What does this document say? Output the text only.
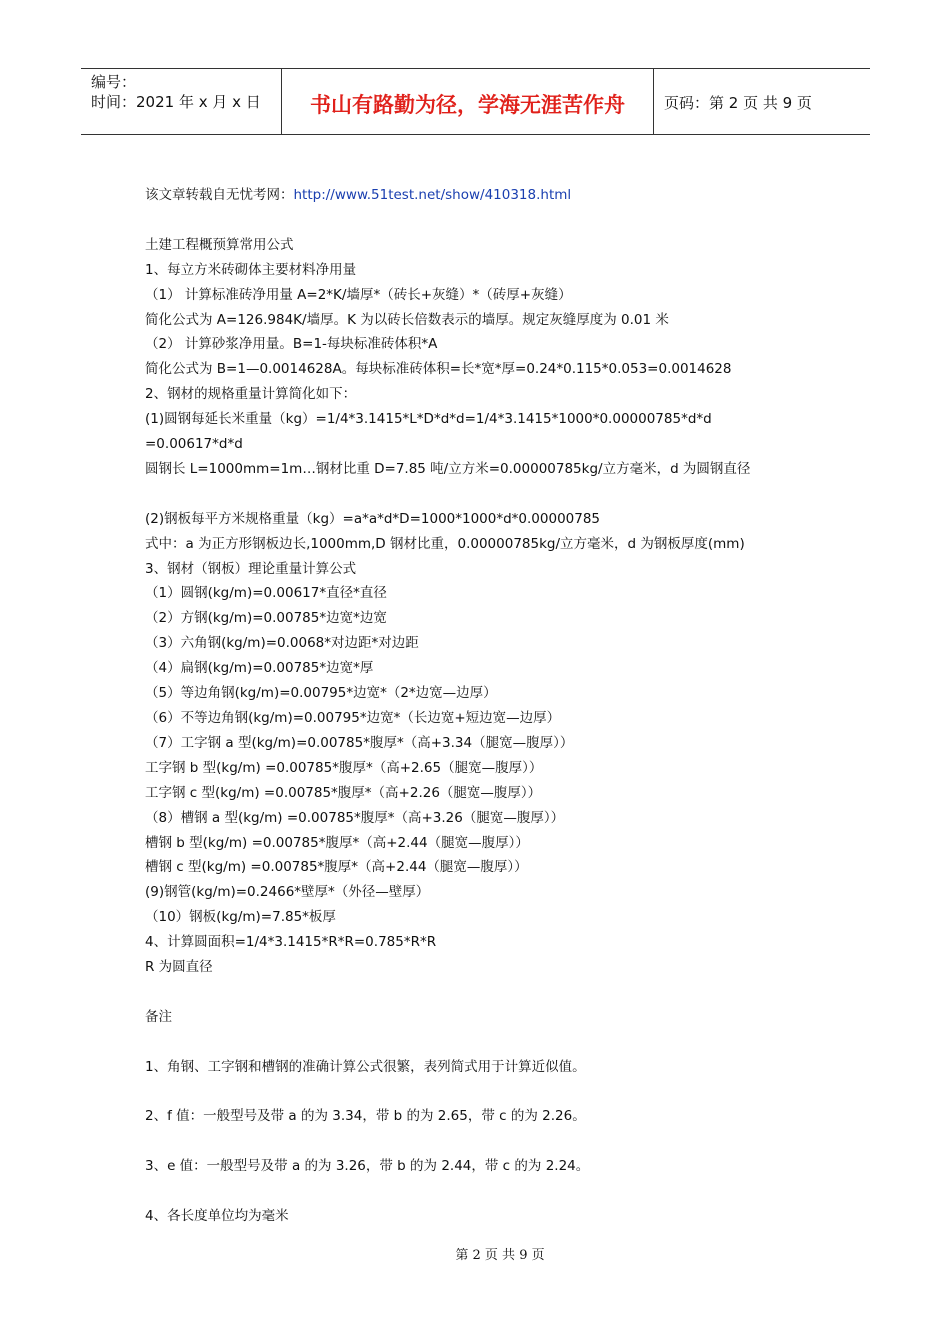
编号：
时间：2021 年 x 月 x 日	书山有路勤为径，学海无涯苦作舟	页码：第 2 页 共 9 页
该文章转载自无忧考网：http://www.51test.net/show/410318.html
土建工程概预算常用公式
1、每立方米砖砌体主要材料净用量
（1） 计算标准砖净用量 A=2*K/墙厚*（砖长+灰缝）*（砖厚+灰缝）
简化公式为 A=126.984K/墙厚。K 为以砖长倍数表示的墙厚。规定灰缝厚度为 0.01 米
（2） 计算砂浆净用量。B=1-每块标准砖体积*A
简化公式为 B=1—0.0014628A。每块标准砖体积=长*宽*厚=0.24*0.115*0.053=0.0014628
2、钢材的规格重量计算简化如下：
(1)圆钢每延长米重量（kg）=1/4*3.1415*L*D*d*d=1/4*3.1415*1000*0.00000785*d*d
=0.00617*d*d
圆钢长 L=1000mm=1m…钢材比重 D=7.85 吨/立方米=0.00000785kg/立方毫米，d 为圆钢直径
(2)钢板每平方米规格重量（kg）=a*a*d*D=1000*1000*d*0.00000785
式中：a 为正方形钢板边长,1000mm,D 钢材比重，0.00000785kg/立方毫米，d 为钢板厚度(mm)
3、钢材（钢板）理论重量计算公式
（1）圆钢(kg/m)=0.00617*直径*直径
（2）方钢(kg/m)=0.00785*边宽*边宽
（3）六角钢(kg/m)=0.0068*对边距*对边距
（4）扁钢(kg/m)=0.00785*边宽*厚
（5）等边角钢(kg/m)=0.00795*边宽*（2*边宽—边厚）
（6）不等边角钢(kg/m)=0.00795*边宽*（长边宽+短边宽—边厚）
（7）工字钢 a 型(kg/m)=0.00785*腹厚*（高+3.34（腿宽—腹厚））
工字钢 b 型(kg/m) =0.00785*腹厚*（高+2.65（腿宽—腹厚））
工字钢 c 型(kg/m) =0.00785*腹厚*（高+2.26（腿宽—腹厚））
（8）槽钢 a 型(kg/m) =0.00785*腹厚*（高+3.26（腿宽—腹厚））
槽钢 b 型(kg/m) =0.00785*腹厚*（高+2.44（腿宽—腹厚））
槽钢 c 型(kg/m) =0.00785*腹厚*（高+2.44（腿宽—腹厚））
(9)钢管(kg/m)=0.2466*壁厚*（外径—壁厚）
（10）钢板(kg/m)=7.85*板厚
4、计算圆面积=1/4*3.1415*R*R=0.785*R*R
R 为圆直径
备注
1、角钢、工字钢和槽钢的准确计算公式很繁，表列简式用于计算近似值。
2、f 值：一般型号及带 a 的为 3.34，带 b 的为 2.65，带 c 的为 2.26。
3、e 值：一般型号及带 a 的为 3.26，带 b 的为 2.44，带 c 的为 2.24。
4、各长度单位均为毫米
第 2 页 共 9 页
